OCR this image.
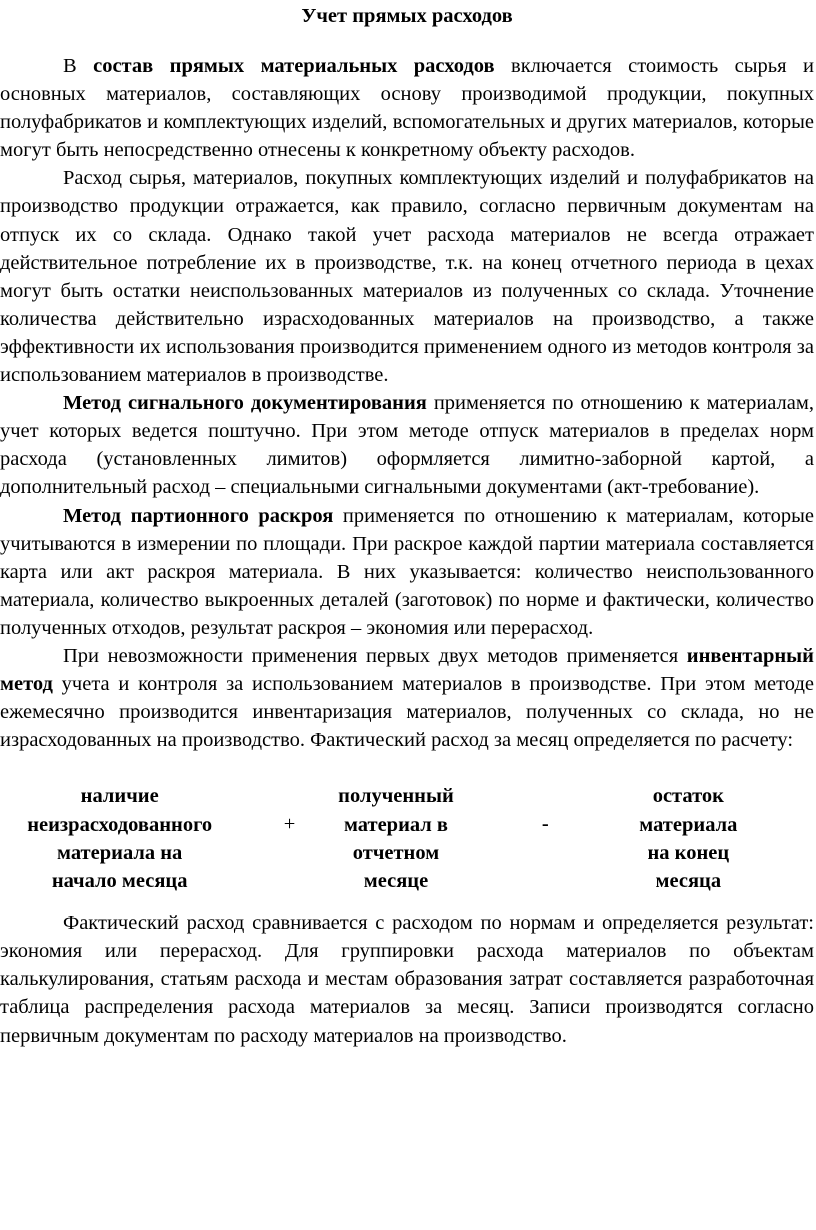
Учет прямых расходов

В состав прямых материальных расходов включается стоимость сырья и основных материалов, составляющих основу производимой продукции, покупных полуфабрикатов и комплектующих изделий, вспомогательных и других материалов, которые могут быть непосредственно отнесены к конкретному объекту расходов.

Расход сырья, материалов, покупных комплектующих изделий и полуфабрикатов на производство продукции отражается, как правило, согласно первичным документам на отпуск их со склада. Однако такой учет расхода материалов не всегда отражает действительное потребление их в производстве, т.к. на конец отчетного периода в цехах могут быть остатки неиспользованных материалов из полученных со склада. Уточнение количества действительно израсходованных материалов на производство, а также эффективности их использования производится применением одного из методов контроля за использованием материалов в производстве.

Метод сигнального документирования применяется по отношению к материалам, учет которых ведется поштучно. При этом методе отпуск материалов в пределах норм расхода (установленных лимитов) оформляется лимитно-заборной картой, а дополнительный расход – специальными сигнальными документами (акт-требование).

Метод партионного раскроя применяется по отношению к материалам, которые учитываются в измерении по площади. При раскрое каждой партии материала составляется карта или акт раскроя материала. В них указывается: количество неиспользованного материала, количество выкроенных деталей (заготовок) по норме и фактически, количество полученных отходов, результат раскроя – экономия или перерасход.

При невозможности применения первых двух методов применяется инвентарный метод учета и контроля за использованием материалов в производстве. При этом методе ежемесячно производится инвентаризация материалов, полученных со склада, но не израсходованных на производство. Фактический расход за месяц определяется по расчету:

наличие
неизрасходованного
материала на
начало месяца
+
полученный
материал в
отчетном
месяце
-
остаток
материала
на конец
месяца

Фактический расход сравнивается с расходом по нормам и определяется результат: экономия или перерасход. Для группировки расхода материалов по объектам калькулирования, статьям расхода и местам образования затрат составляется разработочная таблица распределения расхода материалов за месяц. Записи производятся согласно первичным документам по расходу материалов на производство.
